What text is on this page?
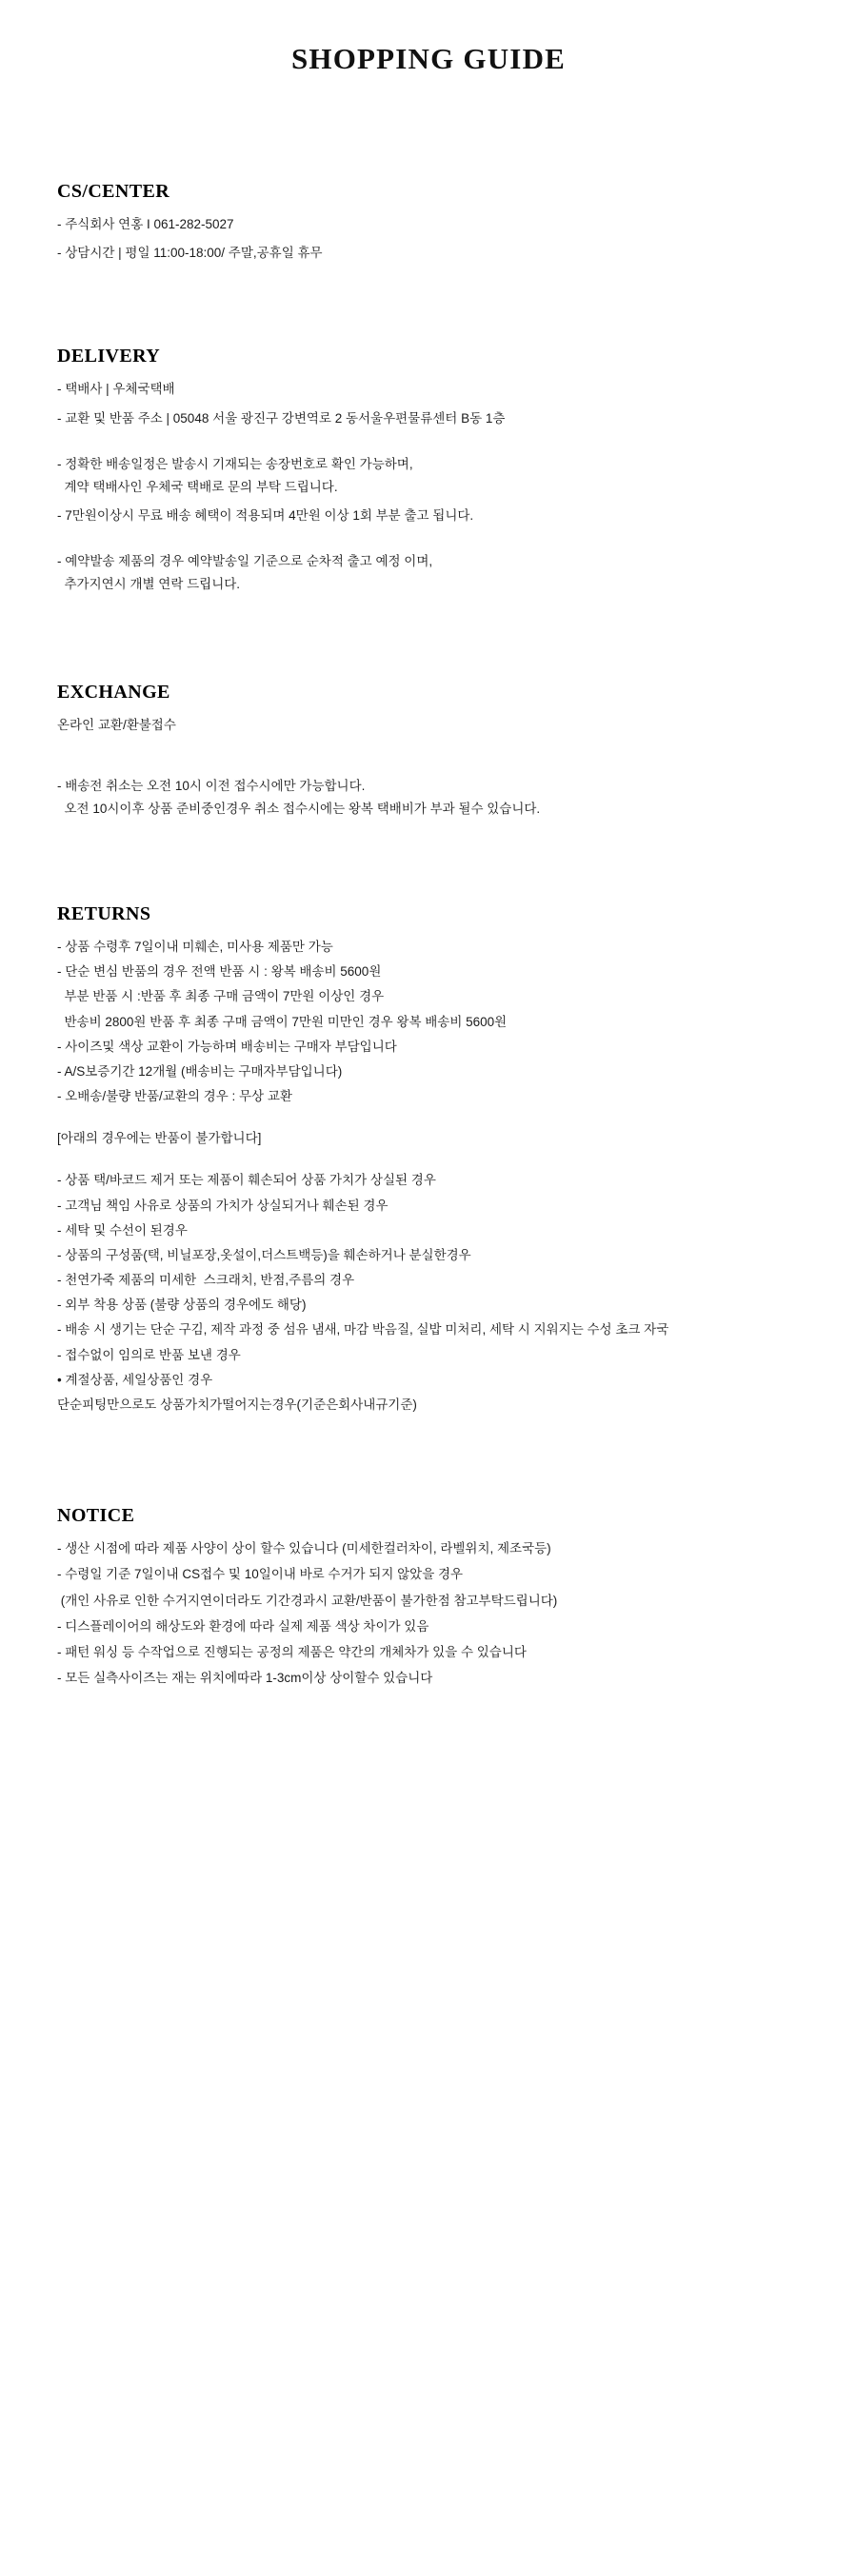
SHOPPING GUIDE
CS/CENTER
- 주식회사 연홍 I 061-282-5027
- 상담시간 | 평일 11:00-18:00/ 주말,공휴일 휴무
DELIVERY
- 택배사 | 우체국택배
- 교환 및 반품 주소 | 05048 서울 광진구 강변역로 2 동서울우편물류센터 B동 1층
- 정확한 배송일정은 발송시 기재되는 송장번호로 확인 가능하며,
계약 택배사인 우체국 택배로 문의 부탁 드립니다.
- 7만원이상시 무료 배송 혜택이 적용되며 4만원 이상 1회 부분 출고 됩니다.
- 예약발송 제품의 경우 예약발송일 기준으로 순차적 출고 예정 이며,
추가지연시 개별 연락 드립니다.
EXCHANGE
온라인 교환/환불접수
- 배송전 취소는 오전 10시 이전 접수시에만 가능합니다.
오전 10시이후 상품 준비중인경우 취소 접수시에는 왕복 택배비가 부과 될수 있습니다.
RETURNS
- 상품 수령후 7일이내 미훼손, 미사용 제품만 가능
- 단순 변심 반품의 경우 전액 반품 시 : 왕복 배송비 5600원
부분 반품 시 :반품 후 최종 구매 금액이 7만원 이상인 경우
반송비 2800원 반품 후 최종 구매 금액이 7만원 미만인 경우 왕복 배송비 5600원
- 사이즈및 색상 교환이 가능하며 배송비는 구매자 부담입니다
- A/S보증기간 12개월 (배송비는 구매자부담입니다)
- 오배송/불량 반품/교환의 경우 : 무상 교환
[아래의 경우에는 반품이 불가합니다]
- 상품 택/바코드 제거 또는 제품이 훼손되어 상품 가치가 상실된 경우
- 고객님 책임 사유로 상품의 가치가 상실되거나 훼손된 경우
- 세탁 및 수선이 된경우
- 상품의 구성품(택, 비닐포장,옷설이,더스트백등)을 훼손하거나 분실한경우
- 천연가죽 제품의 미세한  스크래치, 반점,주름의 경우
- 외부 착용 상품 (불량 상품의 경우에도 해당)
- 배송 시 생기는 단순 구김, 제작 과정 중 섬유 냄새, 마감 박음질, 실밥 미처리, 세탁 시 지워지는 수성 초크 자국
- 접수없이 임의로 반품 보낸 경우
• 계절상품, 세일상품인 경우
단순피팅만으로도 상품가치가떨어지는경우(기준은회사내규기준)
NOTICE
- 생산 시점에 따라 제품 사양이 상이 할수 있습니다 (미세한컬러차이, 라벨위치, 제조국등)
- 수령일 기준 7일이내 CS접수 및 10일이내 바로 수거가 되지 않았을 경우
(개인 사유로 인한 수거지연이더라도 기간경과시 교환/반품이 불가한점 참고부탁드립니다)
- 디스플레이어의 해상도와 환경에 따라 실제 제품 색상 차이가 있음
- 패턴 워싱 등 수작업으로 진행되는 공정의 제품은 약간의 개체차가 있을 수 있습니다
- 모든 실측사이즈는 재는 위치에따라 1-3cm이상 상이할수 있습니다
